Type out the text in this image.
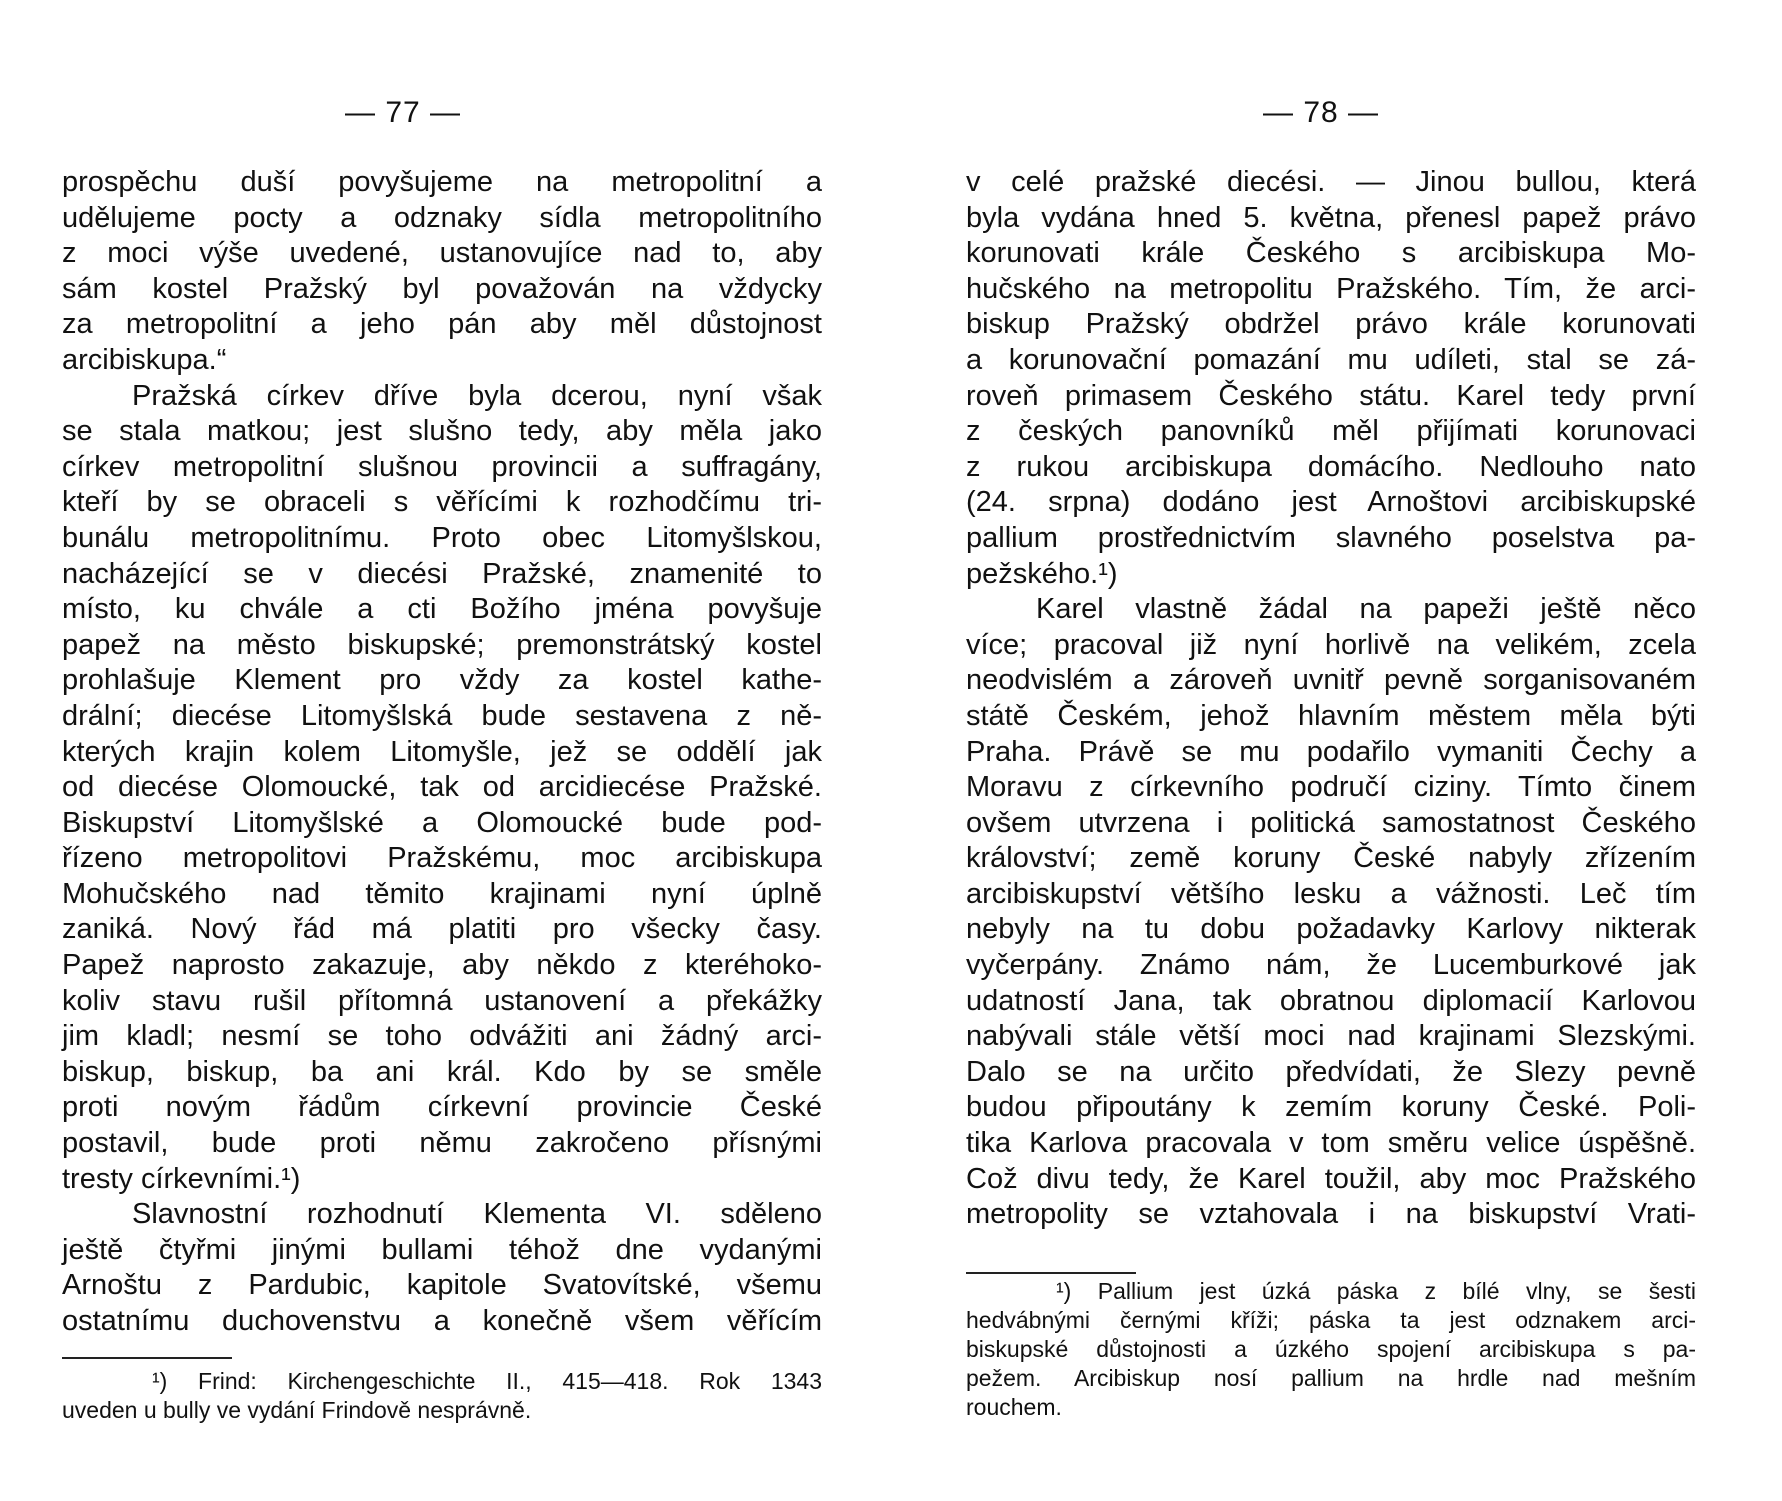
— 77 —
prospěchu duší povyšujeme na metropolitní a
udělujeme pocty a odznaky sídla metropolitního
z moci výše uvedené, ustanovujíce nad to, aby
sám kostel Pražský byl považován na vždycky
za metropolitní a jeho pán aby měl důstojnost
arcibiskupa.“
Pražská církev dříve byla dcerou, nyní však
se stala matkou; jest slušno tedy, aby měla jako
církev metropolitní slušnou provincii a suffragány,
kteří by se obraceli s věřícími k rozhodčímu tri-
bunálu metropolitnímu. Proto obec Litomyšlskou,
nacházející se v diecési Pražské, znamenité to
místo, ku chvále a cti Božího jména povyšuje
papež na město biskupské; premonstrátský kostel
prohlašuje Klement pro vždy za kostel kathe-
drální; diecése Litomyšlská bude sestavena z ně-
kterých krajin kolem Litomyšle, jež se oddělí jak
od diecése Olomoucké, tak od arcidiecése Pražské.
Biskupství Litomyšlské a Olomoucké bude pod-
řízeno metropolitovi Pražskému, moc arcibiskupa
Mohučského nad těmito krajinami nyní úplně
zaniká. Nový řád má platiti pro všecky časy.
Papež naprosto zakazuje, aby někdo z kteréhoko-
koliv stavu rušil přítomná ustanovení a překážky
jim kladl; nesmí se toho odvážiti ani žádný arci-
biskup, biskup, ba ani král. Kdo by se směle
proti novým řádům církevní provincie České
postavil, bude proti němu zakročeno přísnými
tresty církevními.¹)
Slavnostní rozhodnutí Klementa VI. sděleno
ještě čtyřmi jinými bullami téhož dne vydanými
Arnoštu z Pardubic, kapitole Svatovítské, všemu
ostatnímu duchovenstvu a konečně všem věřícím
¹) Frind: Kirchengeschichte II., 415—418. Rok 1343
uveden u bully ve vydání Frindově nesprávně.
— 78 —
v celé pražské diecési. — Jinou bullou, která
byla vydána hned 5. května, přenesl papež právo
korunovati krále Českého s arcibiskupa Mo-
hučského na metropolitu Pražského. Tím, že arci-
biskup Pražský obdržel právo krále korunovati
a korunovační pomazání mu udíleti, stal se zá-
roveň primasem Českého státu. Karel tedy první
z českých panovníků měl přijímati korunovaci
z rukou arcibiskupa domácího. Nedlouho nato
(24. srpna) dodáno jest Arnoštovi arcibiskupské
pallium prostřednictvím slavného poselstva pa-
pežského.¹)
Karel vlastně žádal na papeži ještě něco
více; pracoval již nyní horlivě na velikém, zcela
neodvislém a zároveň uvnitř pevně sorganisovaném
státě Českém, jehož hlavním městem měla býti
Praha. Právě se mu podařilo vymaniti Čechy a
Moravu z církevního područí ciziny. Tímto činem
ovšem utvrzena i politická samostatnost Českého
království; země koruny České nabyly zřízením
arcibiskupství většího lesku a vážnosti. Leč tím
nebyly na tu dobu požadavky Karlovy nikterak
vyčerpány. Známo nám, že Lucemburkové jak
udatností Jana, tak obratnou diplomacií Karlovou
nabývali stále větší moci nad krajinami Slezskými.
Dalo se na určito předvídati, že Slezy pevně
budou připoutány k zemím koruny České. Poli-
tika Karlova pracovala v tom směru velice úspěšně.
Což divu tedy, že Karel toužil, aby moc Pražského
metropolity se vztahovala i na biskupství Vrati-
¹) Pallium jest úzká páska z bílé vlny, se šesti
hedvábnými černými kříži; páska ta jest odznakem arci-
biskupské důstojnosti a úzkého spojení arcibiskupa s pa-
pežem. Arcibiskup nosí pallium na hrdle nad mešním
rouchem.
